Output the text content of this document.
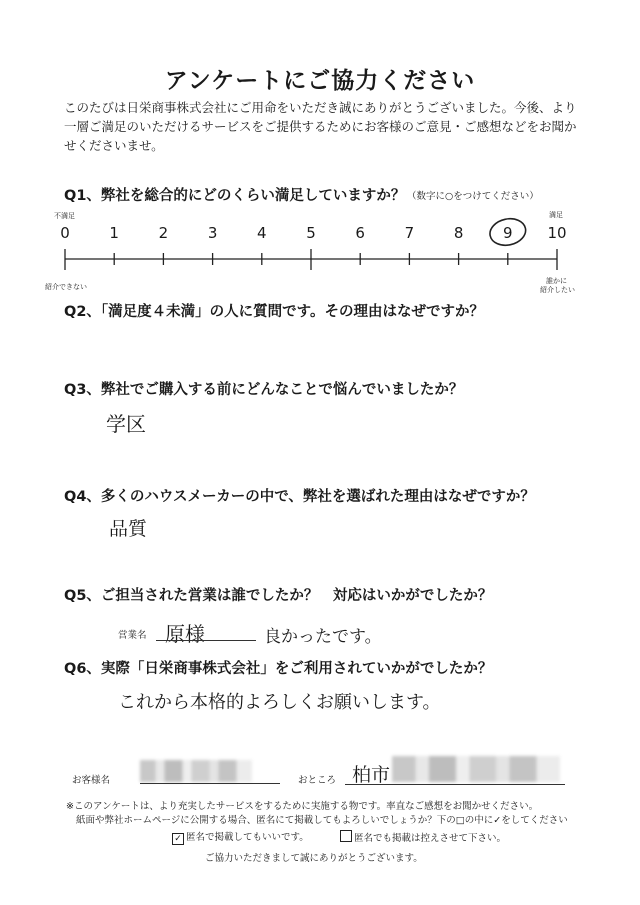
アンケートにご協力ください
このたびは日栄商事株式会社にご用命をいただき誠にありがとうございました。今後、より一層ご満足のいただけるサービスをご提供するためにお客様のご意見・ご感想などをお聞かせくださいませ。
Q1、弊社を総合的にどのくらい満足していますか？ （数字に○をつけてください）
不満足	満足
0	1	2	3	4	5	6	7	8	9	10
紹介できない
誰かに
紹介したい
Q2、「満足度４未満」の人に質問です。その理由はなぜですか？
Q3、弊社でご購入する前にどんなことで悩んでいましたか？
学区
Q4、多くのハウスメーカーの中で、弊社を選ばれた理由はなぜですか？
品質
Q5、ご担当された営業は誰でしたか？　対応はいかがでしたか？
営業名 原様	良かったです。
Q6、実際「日栄商事株式会社」をご利用されていかがでしたか？
これから本格的よろしくお願いします。
お客様名	おところ 柏市
※このアンケートは、より充実したサービスをするために実施する物です。率直なご感想をお聞かせください。
紙面や弊社ホームページに公開する場合、匿名にて掲載してもよろしいでしょうか？下の□の中に✓をしてください
✓ 匿名で掲載してもいいです。	匿名でも掲載は控えさせて下さい。
ご協力いただきまして誠にありがとうございます。
